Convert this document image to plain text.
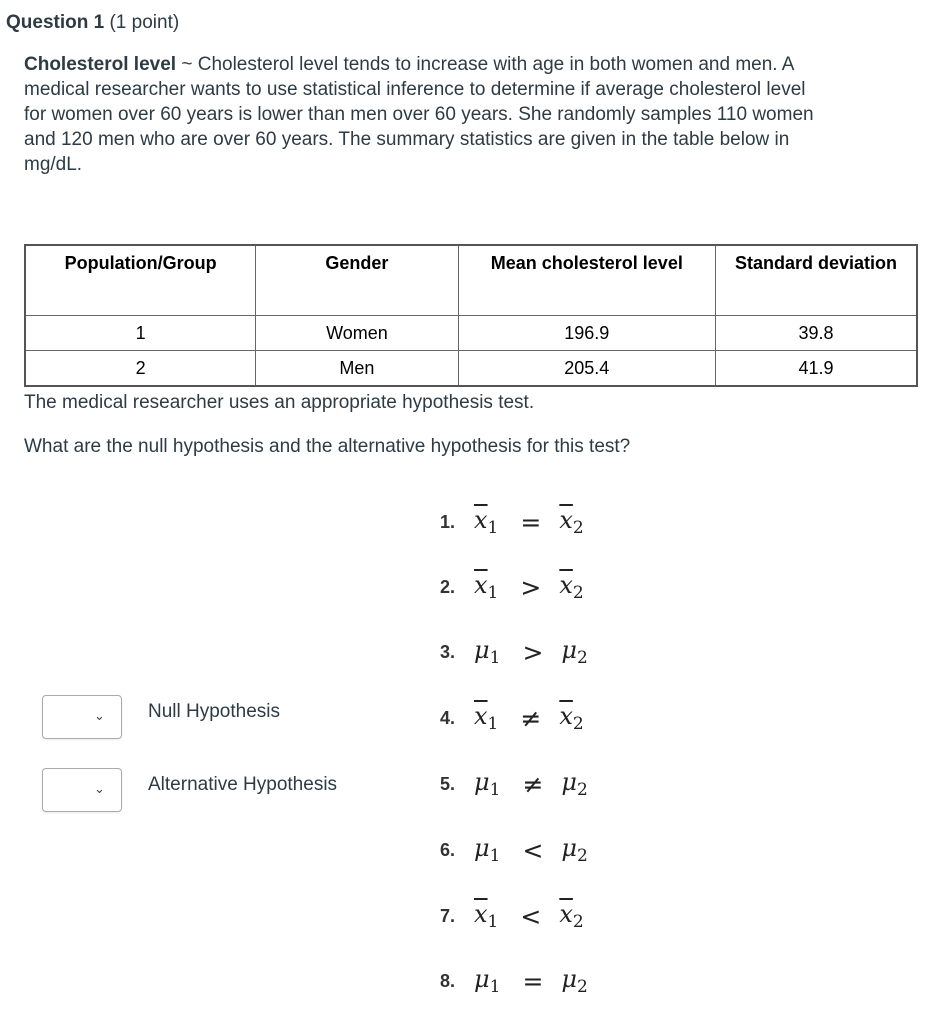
Question 1 (1 point)
Cholesterol level ~ Cholesterol level tends to increase with age in both women and men. A medical researcher wants to use statistical inference to determine if average cholesterol level for women over 60 years is lower than men over 60 years. She randomly samples 110 women and 120 men who are over 60 years. The summary statistics are given in the table below in mg/dL.
Population/Group	Gender	Mean cholesterol level	Standard deviation
1	Women	196.9	39.8
2	Men	205.4	41.9
The medical researcher uses an appropriate hypothesis test.
What are the null hypothesis and the alternative hypothesis for this test?
1. $\overline{x}_1 = \overline{x}_2$
2. $\overline{x}_1 > \overline{x}_2$
3. $\mu_1 > \mu_2$
4. $\overline{x}_1 \ne \overline{x}_2$
5. $\mu_1 \ne \mu_2$
6. $\mu_1 < \mu_2$
7. $\overline{x}_1 < \overline{x}_2$
8. $\mu_1 = \mu_2$
⌄ Null Hypothesis
⌄ Alternative Hypothesis
